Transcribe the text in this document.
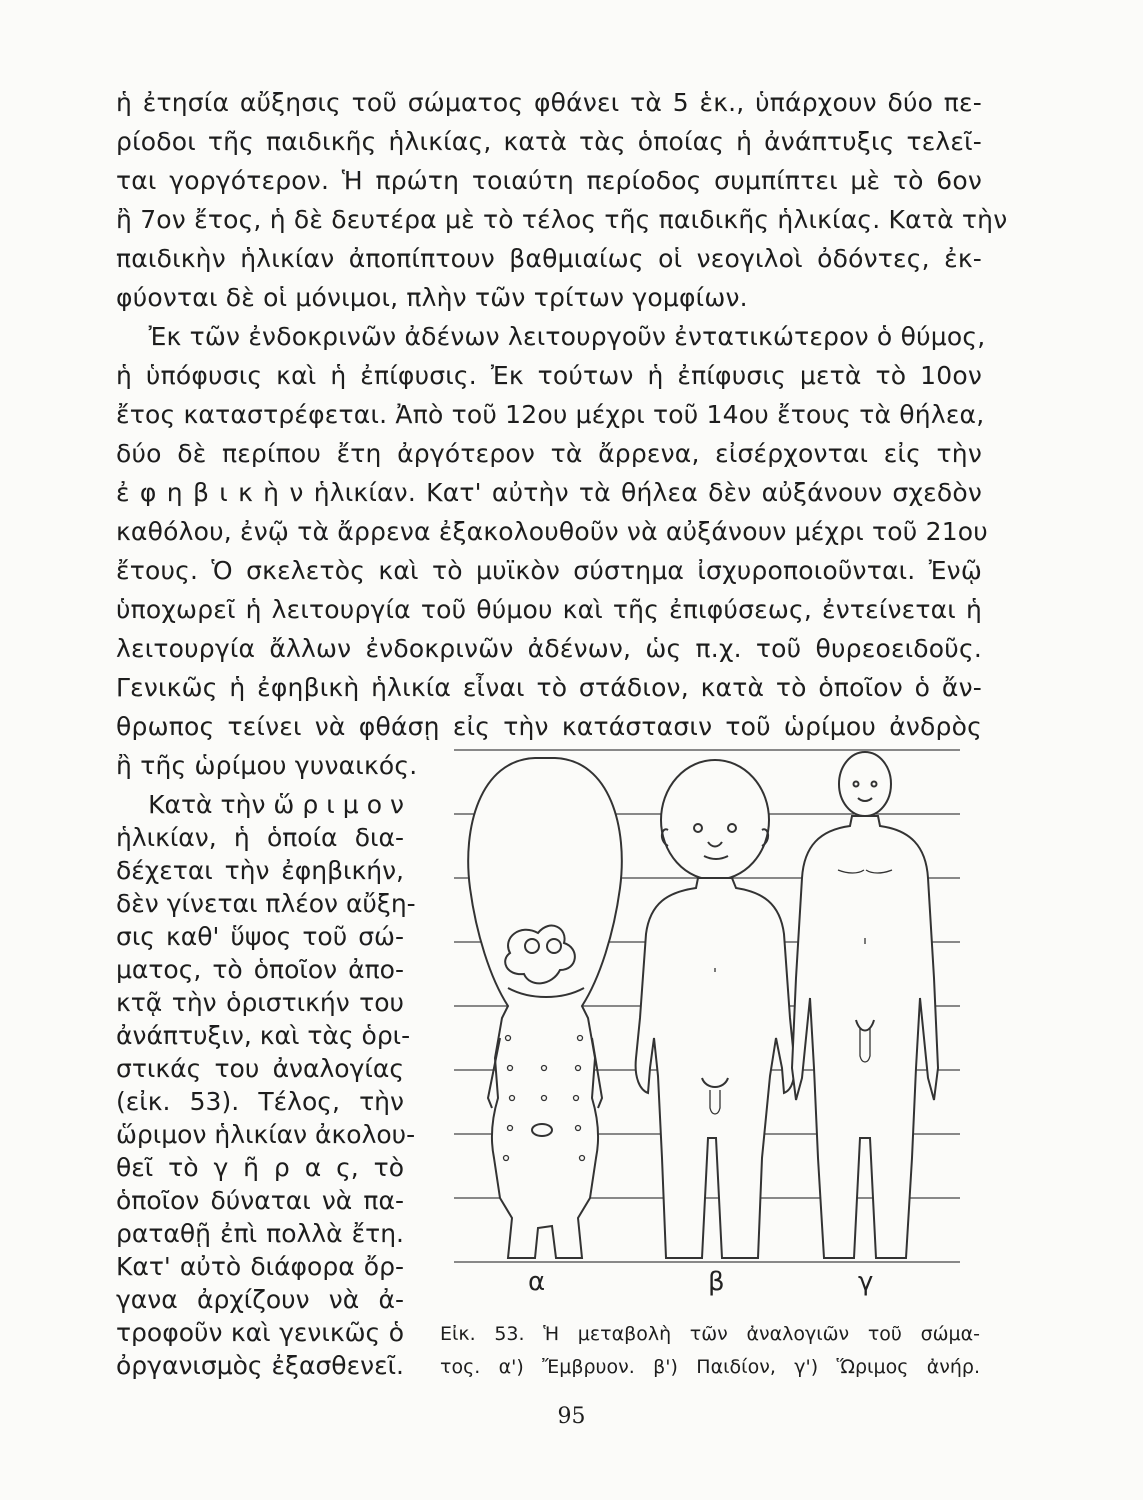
ἡ ἐτησία αὔξησις τοῦ σώματος φθάνει τὰ 5 ἑκ., ὑπάρχουν δύο πε-
ρίοδοι τῆς παιδικῆς ἡλικίας, κατὰ τὰς ὁποίας ἡ ἀνάπτυξις τελεῖ-
ται γοργότερον. Ἡ πρώτη τοιαύτη περίοδος συμπίπτει μὲ τὸ 6ον
ἢ 7ον ἔτος, ἡ δὲ δευτέρα μὲ τὸ τέλος τῆς παιδικῆς ἡλικίας. Κατὰ τὴν
παιδικὴν ἡλικίαν ἀποπίπτουν βαθμιαίως οἱ νεογιλοὶ ὀδόντες, ἐκ-
φύονται δὲ οἱ μόνιμοι, πλὴν τῶν τρίτων γομφίων.
Ἐκ τῶν ἐνδοκρινῶν ἀδένων λειτουργοῦν ἐντατικώτερον ὁ θύμος,
ἡ ὑπόφυσις καὶ ἡ ἐπίφυσις. Ἐκ τούτων ἡ ἐπίφυσις μετὰ τὸ 10ον
ἔτος καταστρέφεται. Ἀπὸ τοῦ 12ου μέχρι τοῦ 14ου ἔτους τὰ θήλεα,
δύο δὲ περίπου ἔτη ἀργότερον τὰ ἄρρενα, εἰσέρχονται εἰς τὴν
ἐ φ η β ι κ ὴ ν ἡλικίαν. Κατ' αὐτὴν τὰ θήλεα δὲν αὐξάνουν σχεδὸν
καθόλου, ἐνῷ τὰ ἄρρενα ἐξακολουθοῦν νὰ αὐξάνουν μέχρι τοῦ 21ου
ἔτους. Ὁ σκελετὸς καὶ τὸ μυϊκὸν σύστημα ἰσχυροποιοῦνται. Ἐνῷ
ὑποχωρεῖ ἡ λειτουργία τοῦ θύμου καὶ τῆς ἐπιφύσεως, ἐντείνεται ἡ
λειτουργία ἄλλων ἐνδοκρινῶν ἀδένων, ὡς π.χ. τοῦ θυρεοειδοῦς.
Γενικῶς ἡ ἐφηβικὴ ἡλικία εἶναι τὸ στάδιον, κατὰ τὸ ὁποῖον ὁ ἄν-
θρωπος τείνει νὰ φθάσῃ εἰς τὴν κατάστασιν τοῦ ὡρίμου ἀνδρὸς
ἢ τῆς ὡρίμου γυναικός.
Κατὰ τὴν ὥ ρ ι μ ο ν
ἡλικίαν, ἡ ὁποία δια-
δέχεται τὴν ἐφηβικήν,
δὲν γίνεται πλέον αὔξη-
σις καθ' ὕψος τοῦ σώ-
ματος, τὸ ὁποῖον ἀπο-
κτᾷ τὴν ὁριστικήν του
ἀνάπτυξιν, καὶ τὰς ὁρι-
στικάς του ἀναλογίας
(εἰκ. 53). Τέλος, τὴν
ὥριμον ἡλικίαν ἀκολου-
θεῖ τὸ γ ῆ ρ α ς, τὸ
ὁποῖον δύναται νὰ πα-
ραταθῇ ἐπὶ πολλὰ ἔτη.
Κατ' αὐτὸ διάφορα ὄρ-
γανα ἀρχίζουν νὰ ἀ-
τροφοῦν καὶ γενικῶς ὁ
ὀργανισμὸς ἐξασθενεῖ.
α	β	γ
Εἰκ. 53. Ἡ μεταβολὴ τῶν ἀναλογιῶν τοῦ σώμα-
τος. α') Ἔμβρυον. β') Παιδίον, γ') Ὥριμος ἀνήρ.
95
